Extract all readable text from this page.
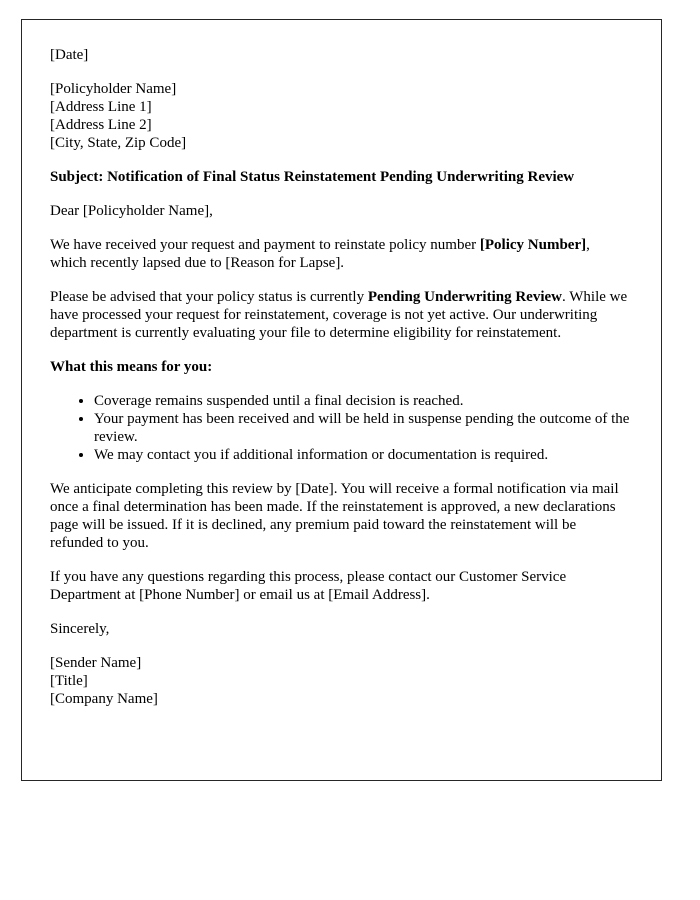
[Date]

[Policyholder Name]
[Address Line 1]
[Address Line 2]
[City, State, Zip Code]

Subject: Notification of Final Status Reinstatement Pending Underwriting Review

Dear [Policyholder Name],

We have received your request and payment to reinstate policy number [Policy Number], which recently lapsed due to [Reason for Lapse].

Please be advised that your policy status is currently Pending Underwriting Review. While we have processed your request for reinstatement, coverage is not yet active. Our underwriting department is currently evaluating your file to determine eligibility for reinstatement.

What this means for you:

• Coverage remains suspended until a final decision is reached.
• Your payment has been received and will be held in suspense pending the outcome of the review.
• We may contact you if additional information or documentation is required.

We anticipate completing this review by [Date]. You will receive a formal notification via mail once a final determination has been made. If the reinstatement is approved, a new declarations page will be issued. If it is declined, any premium paid toward the reinstatement will be refunded to you.

If you have any questions regarding this process, please contact our Customer Service Department at [Phone Number] or email us at [Email Address].

Sincerely,

[Sender Name]
[Title]
[Company Name]
